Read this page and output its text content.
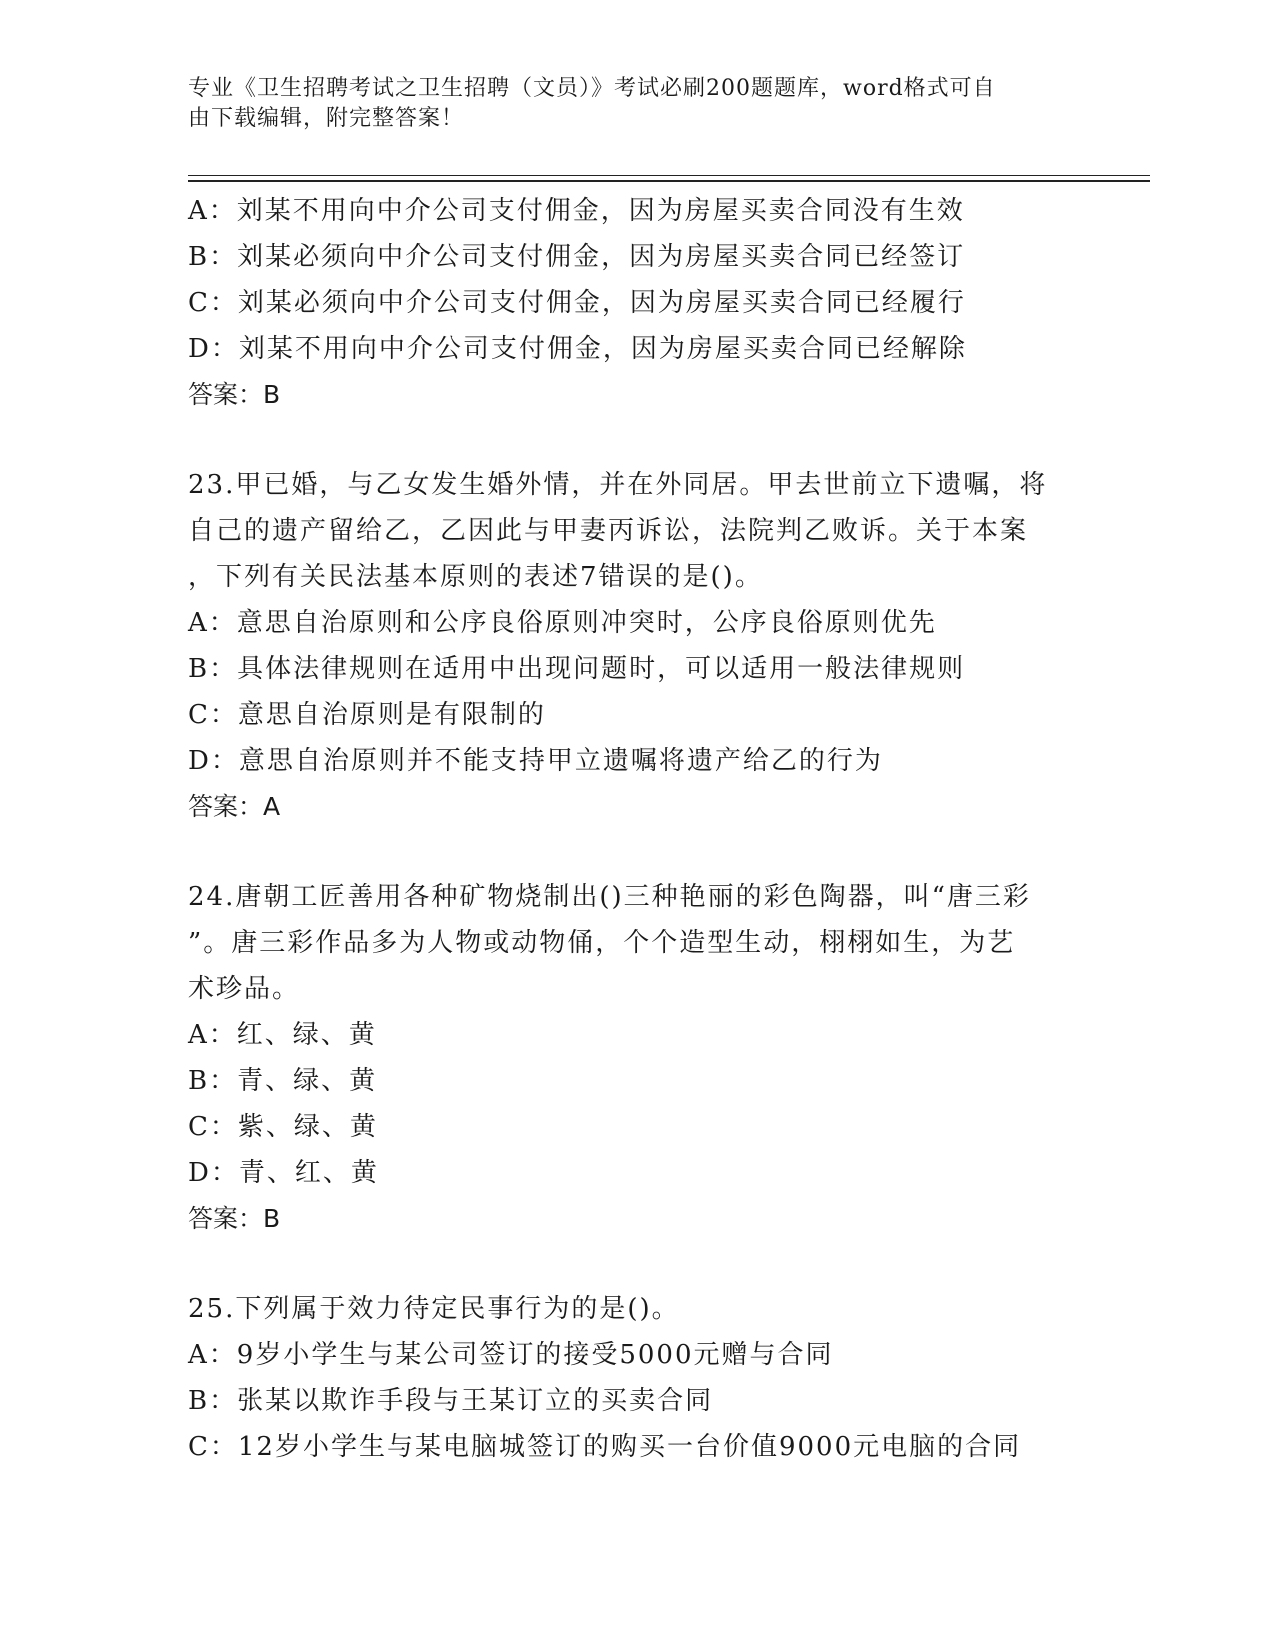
专业《卫生招聘考试之卫生招聘（文员）》考试必刷200题题库，word格式可自
由下载编辑，附完整答案！
A：刘某不用向中介公司支付佣金，因为房屋买卖合同没有生效
B：刘某必须向中介公司支付佣金，因为房屋买卖合同已经签订
C：刘某必须向中介公司支付佣金，因为房屋买卖合同已经履行
D：刘某不用向中介公司支付佣金，因为房屋买卖合同已经解除
答案：B
23.甲已婚，与乙女发生婚外情，并在外同居。甲去世前立下遗嘱，将
自己的遗产留给乙，乙因此与甲妻丙诉讼，法院判乙败诉。关于本案
，下列有关民法基本原则的表述7错误的是()。
A：意思自治原则和公序良俗原则冲突时，公序良俗原则优先
B：具体法律规则在适用中出现问题时，可以适用一般法律规则
C：意思自治原则是有限制的
D：意思自治原则并不能支持甲立遗嘱将遗产给乙的行为
答案：A
24.唐朝工匠善用各种矿物烧制出()三种艳丽的彩色陶器，叫“唐三彩
”。唐三彩作品多为人物或动物俑，个个造型生动，栩栩如生，为艺
术珍品。
A：红、绿、黄
B：青、绿、黄
C：紫、绿、黄
D：青、红、黄
答案：B
25.下列属于效力待定民事行为的是()。
A：9岁小学生与某公司签订的接受5000元赠与合同
B：张某以欺诈手段与王某订立的买卖合同
C：12岁小学生与某电脑城签订的购买一台价值9000元电脑的合同
